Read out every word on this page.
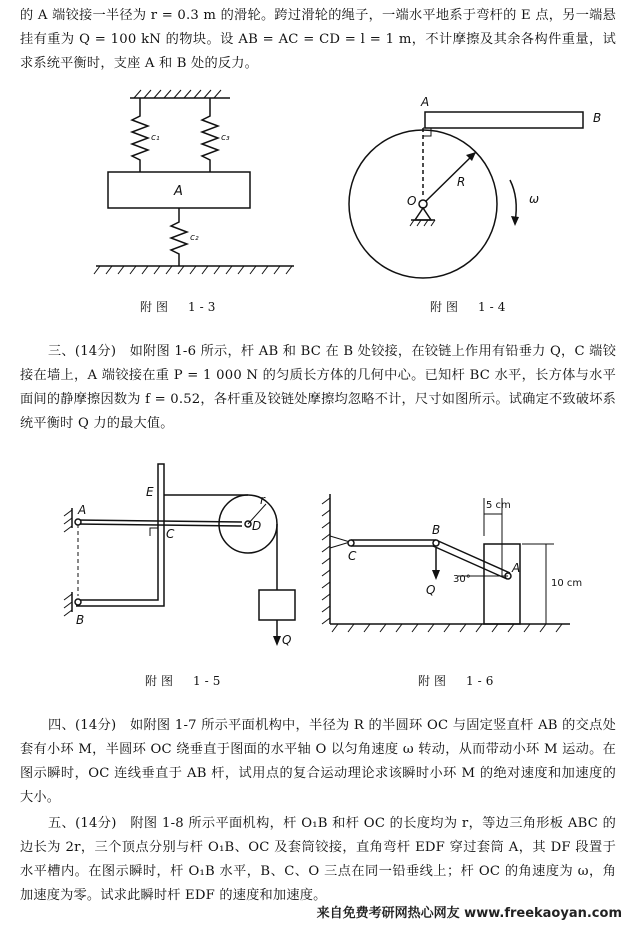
的 A 端铰接一半径为 r = 0.3 m 的滑轮。跨过滑轮的绳子，一端水平地系于弯杆的 E 点，另一端悬挂有重为 Q = 100 kN 的物块。设 AB = AC = CD = l = 1 m，不计摩擦及其余各构件重量，试求系统平衡时，支座 A 和 B 处的反力。

c₁	c₃
c₂
A
附图　1-3
A
B
O
R
ω
附图　1-4

三、(14分)　如附图 1-6 所示，杆 AB 和 BC 在 B 处铰接，在铰链上作用有铅垂力 Q，C 端铰接在墙上，A 端铰接在重 P = 1 000 N 的匀质长方体的几何中心。已知杆 BC 水平，长方体与水平面间的静摩擦因数为 f = 0.52，各杆重及铰链处摩擦均忽略不计，尺寸如图所示。试确定不致破坏系统平衡时 Q 力的最大值。

A
B
C
E
D
r
Q
附图　1-5
5 cm
10 cm
30°
C
B
A
Q
附图　1-6

四、(14分)　如附图 1-7 所示平面机构中，半径为 R 的半圆环 OC 与固定竖直杆 AB 的交点处套有小环 M，半圆环 OC 绕垂直于图面的水平轴 O 以匀角速度 ω 转动，从而带动小环 M 运动。在图示瞬时，OC 连线垂直于 AB 杆，试用点的复合运动理论求该瞬时小环 M 的绝对速度和加速度的大小。

五、(14分)　附图 1-8 所示平面机构，杆 O₁B 和杆 OC 的长度均为 r，等边三角形板 ABC 的边长为 2r，三个顶点分别与杆 O₁B、OC 及套筒铰接，直角弯杆 EDF 穿过套筒 A，其 DF 段置于水平槽内。在图示瞬时，杆 O₁B 水平，B、C、O 三点在同一铅垂线上；杆 OC 的角速度为 ω，角加速度为零。试求此瞬时杆 EDF 的速度和加速度。

来自免费考研网热心网友 www.freekaoyan.com
